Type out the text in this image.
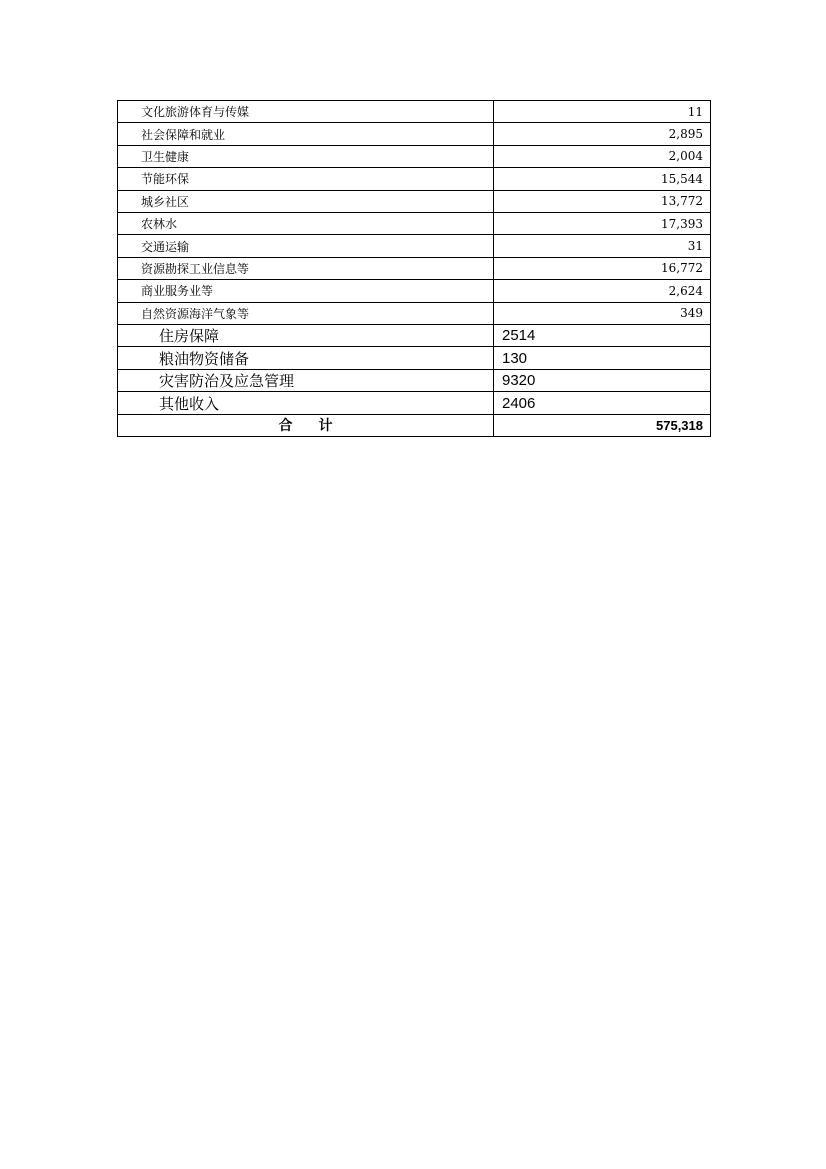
文化旅游体育与传媒	11
社会保障和就业	2,895
卫生健康	2,004
节能环保	15,544
城乡社区	13,772
农林水	17,393
交通运输	31
资源勘探工业信息等	16,772
商业服务业等	2,624
自然资源海洋气象等	349
住房保障	2514
粮油物资储备	130
灾害防治及应急管理	9320
其他收入	2406
合计	575,318
